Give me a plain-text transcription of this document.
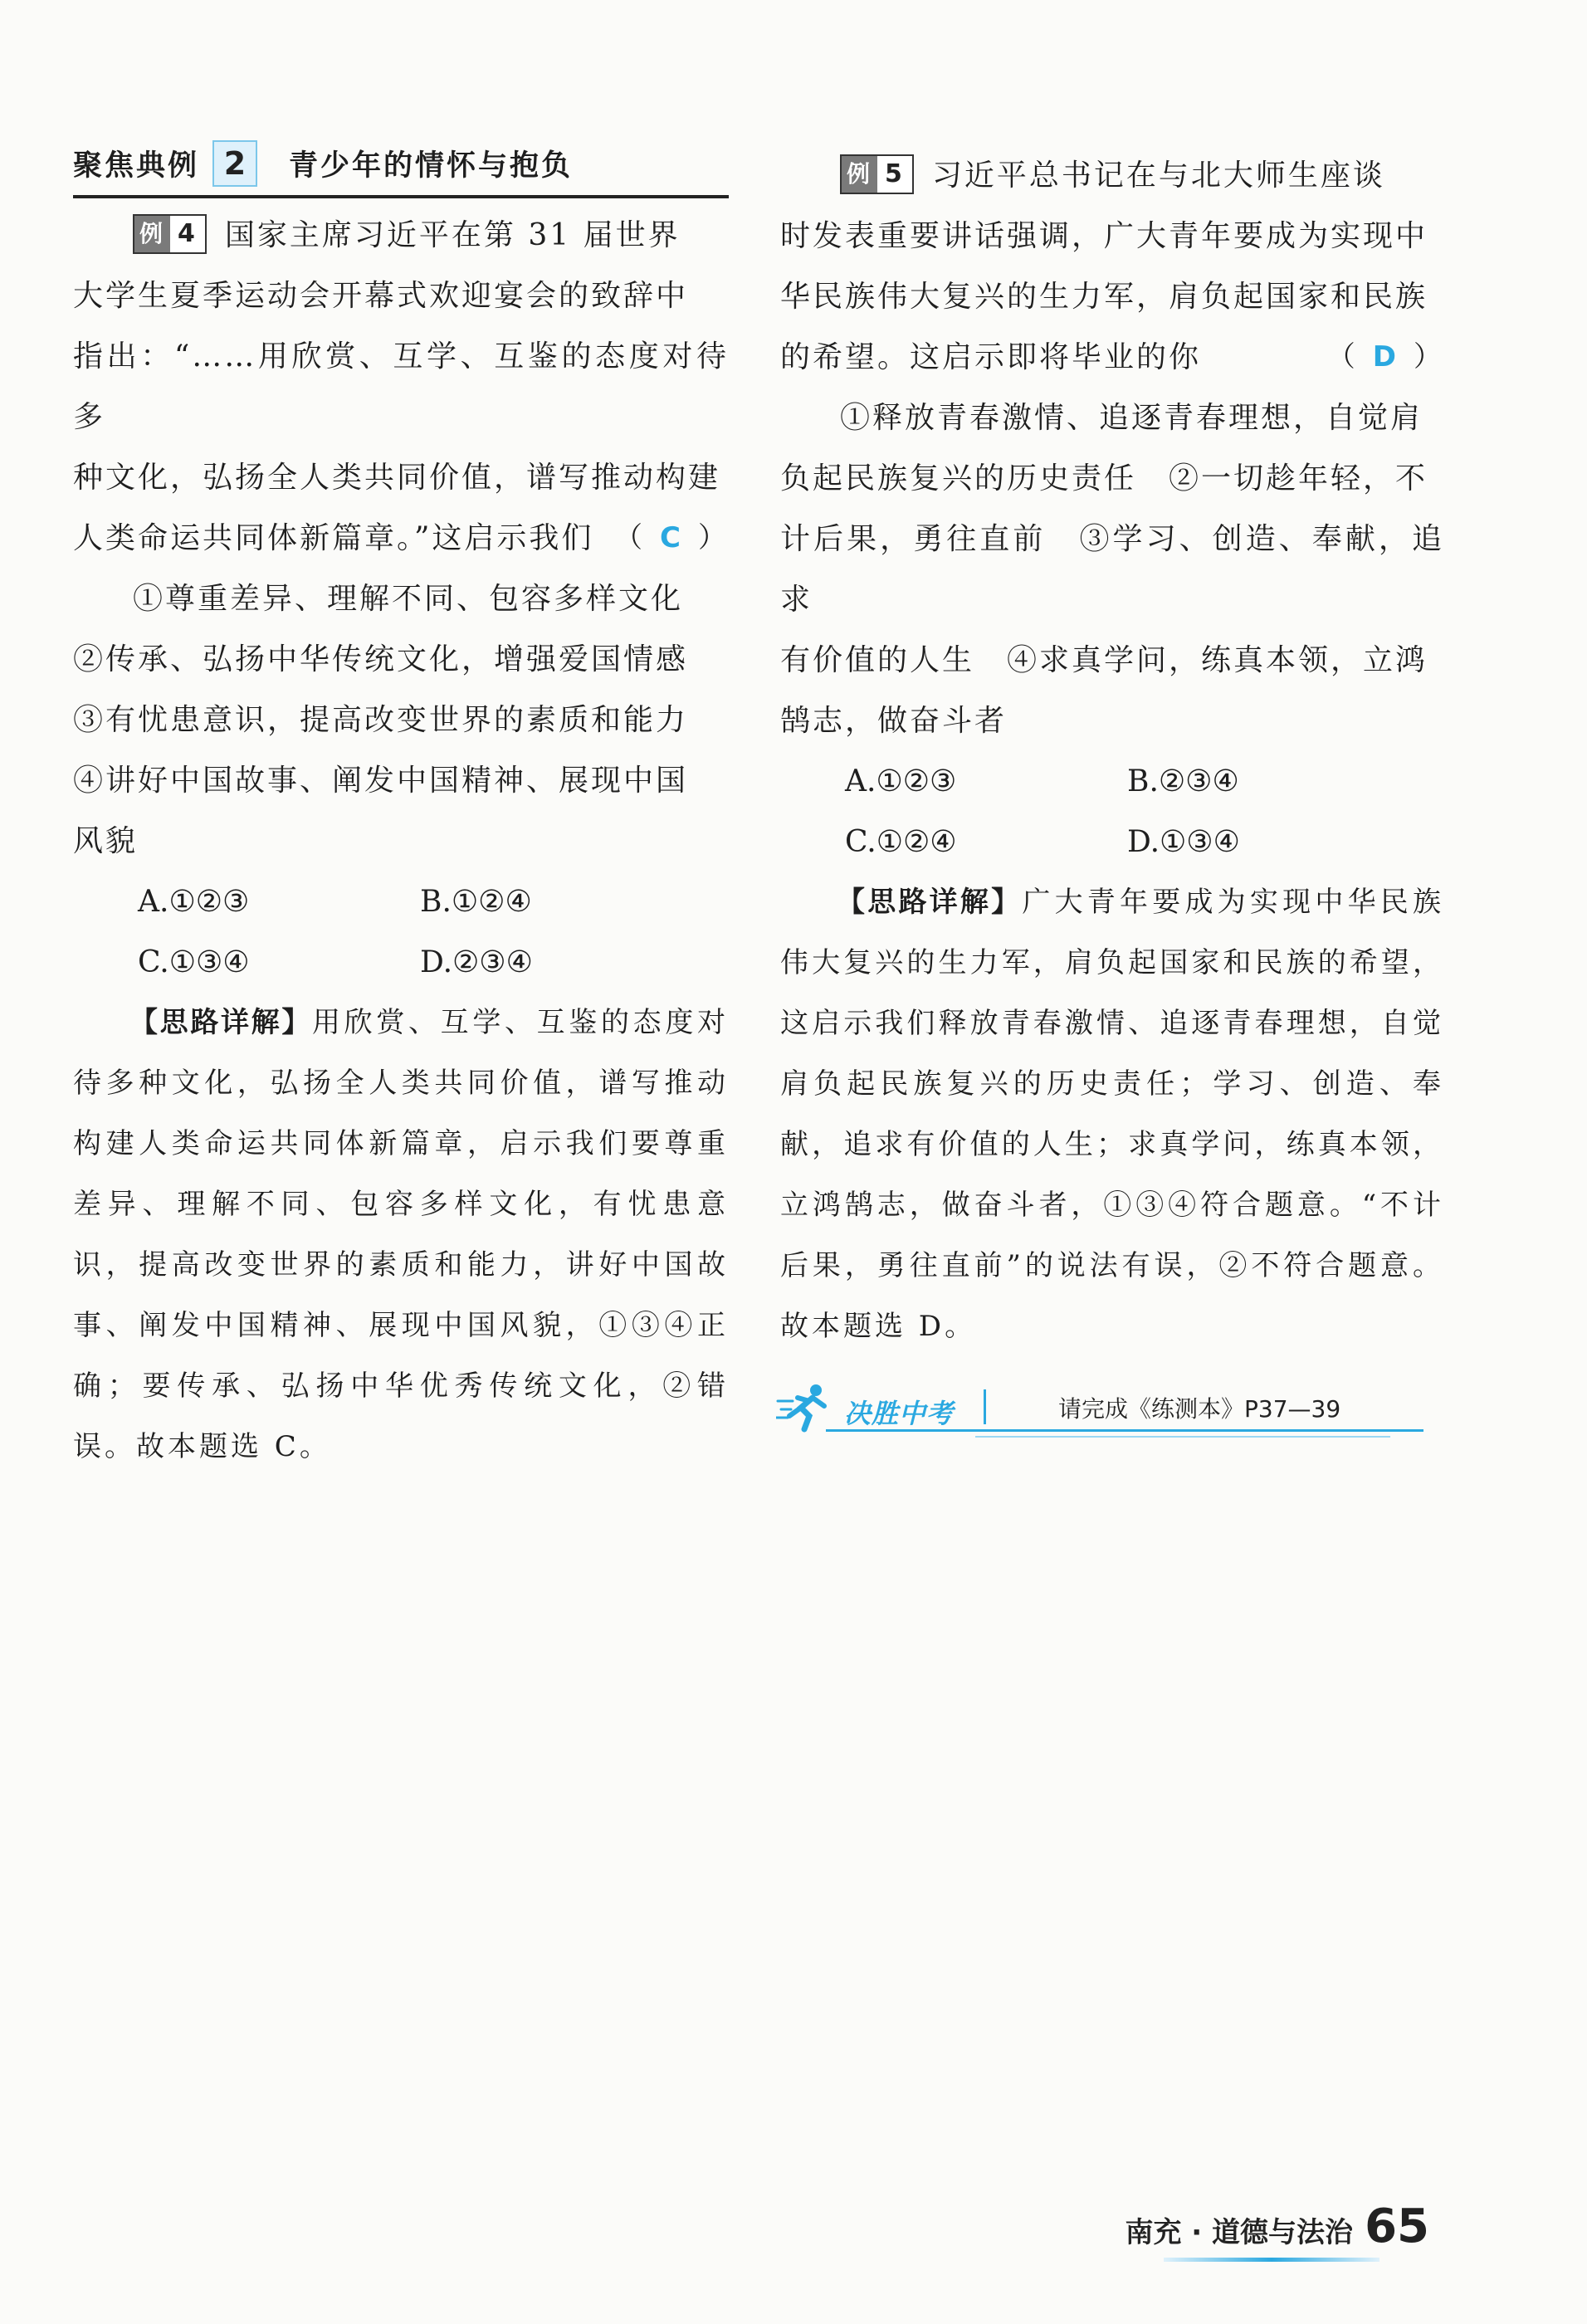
聚焦典例 2	青少年的情怀与抱负

例 4 国家主席习近平在第 31 届世界

大学生夏季运动会开幕式欢迎宴会的致辞中

指出：“……用欣赏、互学、互鉴的态度对待多

种文化，弘扬全人类共同价值，谱写推动构建

人类命运共同体新篇章。”这启示我们 （ C ）

①尊重差异、理解不同、包容多样文化

②传承、弘扬中华传统文化，增强爱国情感

③有忧患意识，提高改变世界的素质和能力

④讲好中国故事、阐发中国精神、展现中国

风貌

A.①②③	B.①②④
C.①③④	D.②③④

【思路详解】用欣赏、互学、互鉴的态度对待多种文化，弘扬全人类共同价值，谱写推动构建人类命运共同体新篇章，启示我们要尊重差异、理解不同、包容多样文化，有忧患意识，提高改变世界的素质和能力，讲好中国故事、阐发中国精神、展现中国风貌，①③④正确；要传承、弘扬中华优秀传统文化，②错误。故本题选 C。

例 5 习近平总书记在与北大师生座谈

时发表重要讲话强调，广大青年要成为实现中

华民族伟大复兴的生力军，肩负起国家和民族

的希望。这启示即将毕业的你	（ D ）

①释放青春激情、追逐青春理想，自觉肩

负起民族复兴的历史责任　②一切趁年轻，不

计后果，勇往直前　③学习、创造、奉献，追求

有价值的人生　④求真学问，练真本领，立鸿

鹄志，做奋斗者

A.①②③	B.②③④
C.①②④	D.①③④

【思路详解】广大青年要成为实现中华民族伟大复兴的生力军，肩负起国家和民族的希望，这启示我们释放青春激情、追逐青春理想，自觉肩负起民族复兴的历史责任；学习、创造、奉献，追求有价值的人生；求真学问，练真本领，立鸿鹄志，做奋斗者，①③④符合题意。“不计后果，勇往直前”的说法有误，②不符合题意。故本题选 D。

决胜中考	请完成《练测本》P37—39
南充 · 道德与法治 65
